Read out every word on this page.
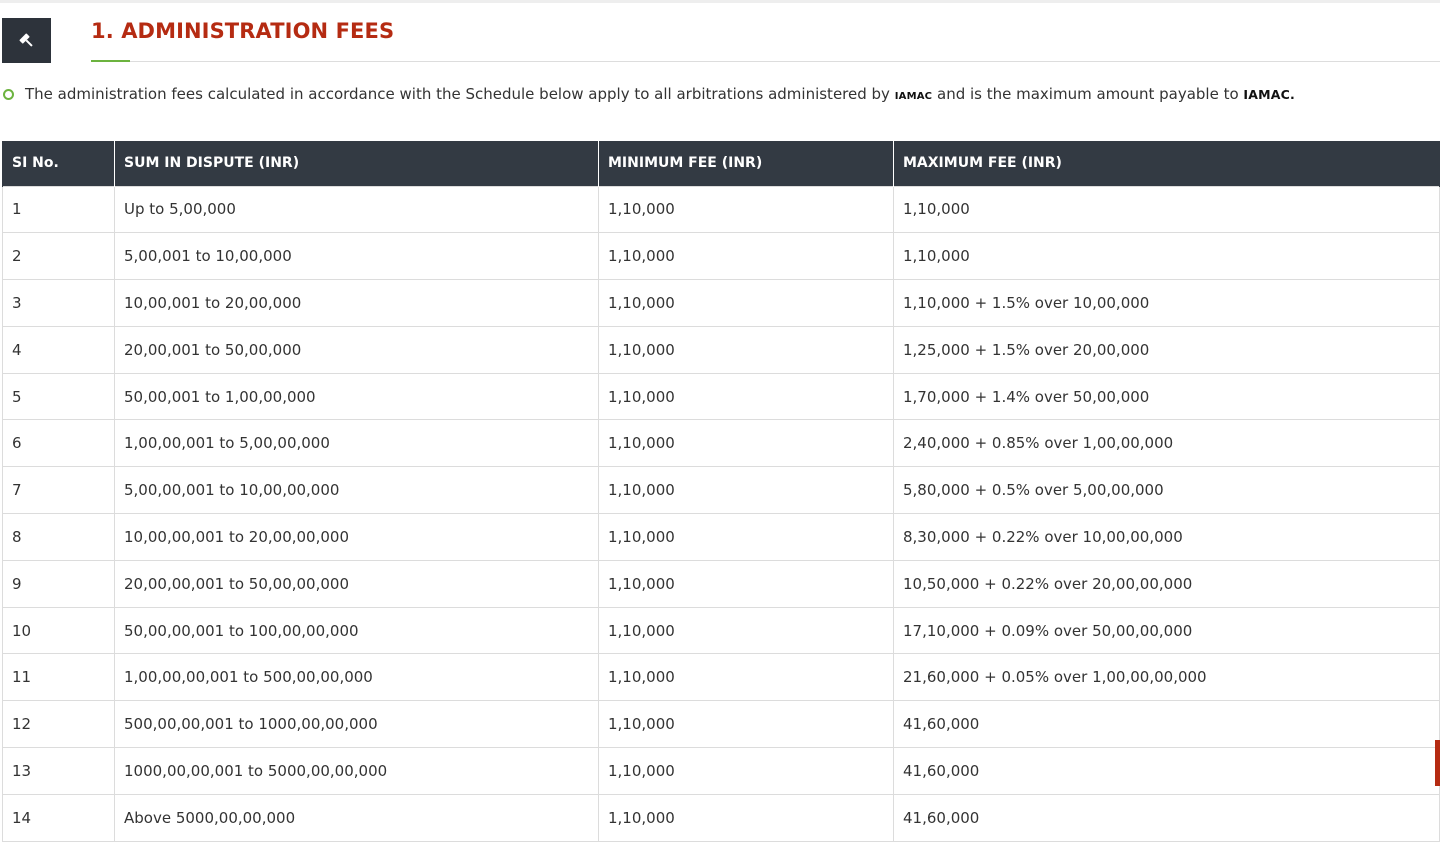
1. ADMINISTRATION FEES
The administration fees calculated in accordance with the Schedule below apply to all arbitrations administered by IAMAC and is the maximum amount payable to IAMAC.
SI No.	SUM IN DISPUTE (INR)	MINIMUM FEE (INR)	MAXIMUM FEE (INR)
1	Up to 5,00,000	1,10,000	1,10,000
2	5,00,001 to 10,00,000	1,10,000	1,10,000
3	10,00,001 to 20,00,000	1,10,000	1,10,000 + 1.5% over 10,00,000
4	20,00,001 to 50,00,000	1,10,000	1,25,000 + 1.5% over 20,00,000
5	50,00,001 to 1,00,00,000	1,10,000	1,70,000 + 1.4% over 50,00,000
6	1,00,00,001 to 5,00,00,000	1,10,000	2,40,000 + 0.85% over 1,00,00,000
7	5,00,00,001 to 10,00,00,000	1,10,000	5,80,000 + 0.5% over 5,00,00,000
8	10,00,00,001 to 20,00,00,000	1,10,000	8,30,000 + 0.22% over 10,00,00,000
9	20,00,00,001 to 50,00,00,000	1,10,000	10,50,000 + 0.22% over 20,00,00,000
10	50,00,00,001 to 100,00,00,000	1,10,000	17,10,000 + 0.09% over 50,00,00,000
11	1,00,00,00,001 to 500,00,00,000	1,10,000	21,60,000 + 0.05% over 1,00,00,00,000
12	500,00,00,001 to 1000,00,00,000	1,10,000	41,60,000
13	1000,00,00,001 to 5000,00,00,000	1,10,000	41,60,000
14	Above 5000,00,00,000	1,10,000	41,60,000
